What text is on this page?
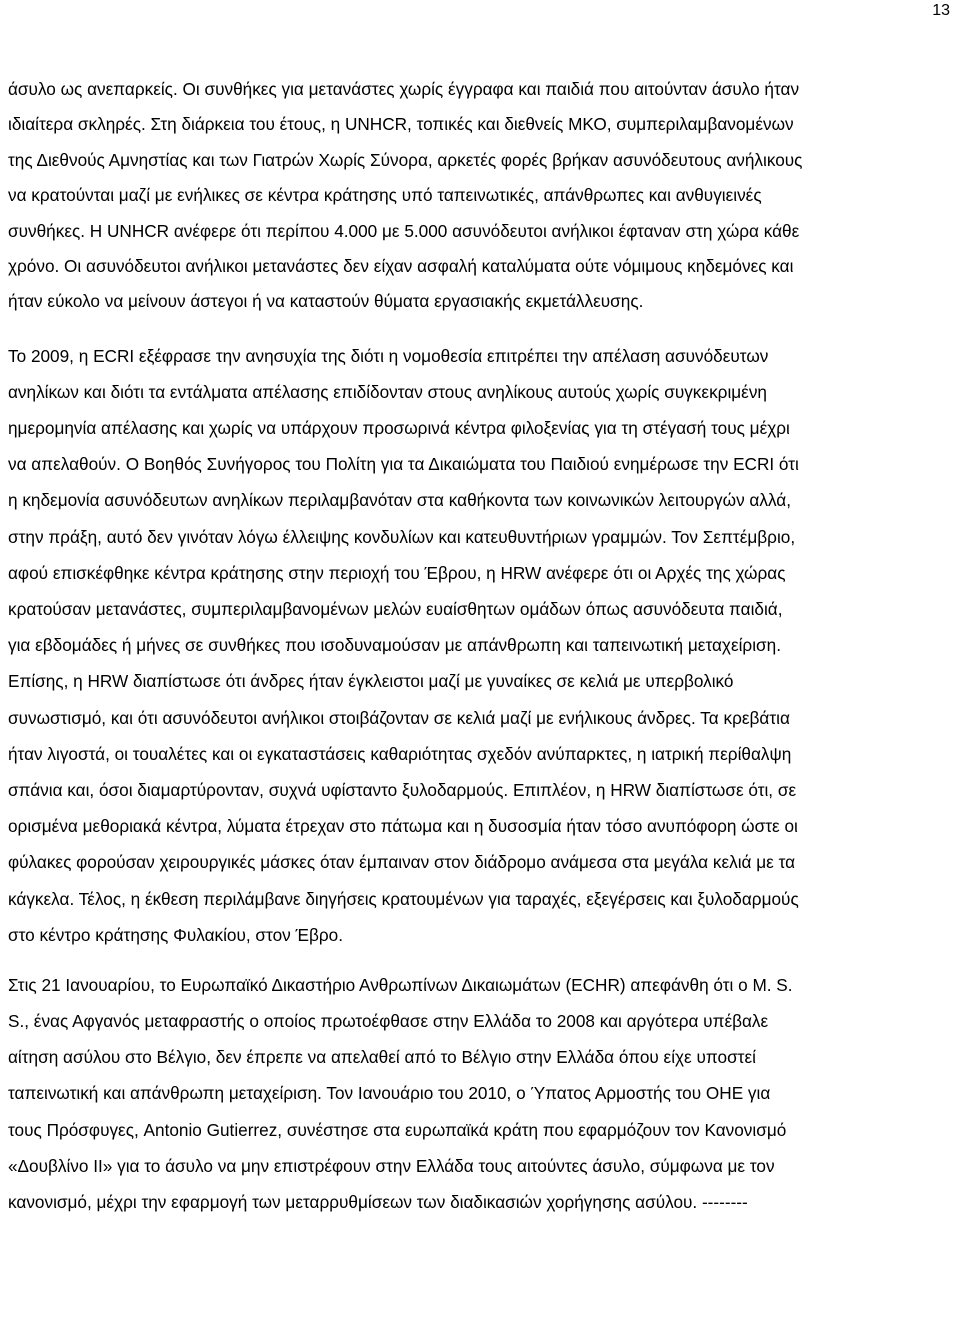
13
άσυλο ως ανεπαρκείς. Οι συνθήκες για μετανάστες χωρίς έγγραφα και παιδιά που αιτούνταν άσυλο ήταν
ιδιαίτερα σκληρές. Στη διάρκεια του έτους, η UNHCR, τοπικές και διεθνείς ΜΚΟ, συμπεριλαμβανομένων
της Διεθνούς Αμνηστίας και των Γιατρών Χωρίς Σύνορα, αρκετές φορές βρήκαν ασυνόδευτους ανήλικους
να κρατούνται μαζί με ενήλικες σε κέντρα κράτησης υπό ταπεινωτικές, απάνθρωπες και ανθυγιεινές
συνθήκες. Η UNHCR ανέφερε ότι περίπου 4.000 με 5.000 ασυνόδευτοι ανήλικοι έφταναν στη χώρα κάθε
χρόνο. Οι ασυνόδευτοι ανήλικοι μετανάστες δεν είχαν ασφαλή καταλύματα ούτε νόμιμους κηδεμόνες και
ήταν εύκολο να μείνουν άστεγοι ή να καταστούν θύματα εργασιακής εκμετάλλευσης.
Το 2009, η ECRI εξέφρασε την ανησυχία της διότι η νομοθεσία επιτρέπει την απέλαση ασυνόδευτων
ανηλίκων και διότι τα εντάλματα απέλασης επιδίδονταν στους ανηλίκους αυτούς χωρίς συγκεκριμένη
ημερομηνία απέλασης και χωρίς να υπάρχουν προσωρινά κέντρα φιλοξενίας για τη στέγασή τους μέχρι
να απελαθούν. Ο Βοηθός Συνήγορος του Πολίτη για τα Δικαιώματα του Παιδιού ενημέρωσε την ECRI ότι
η κηδεμονία ασυνόδευτων ανηλίκων περιλαμβανόταν στα καθήκοντα των κοινωνικών λειτουργών αλλά,
στην πράξη, αυτό δεν γινόταν λόγω έλλειψης κονδυλίων και κατευθυντήριων γραμμών. Τον Σεπτέμβριο,
αφού επισκέφθηκε κέντρα κράτησης στην περιοχή του Έβρου, η HRW ανέφερε ότι οι Αρχές της χώρας
κρατούσαν μετανάστες, συμπεριλαμβανομένων μελών ευαίσθητων ομάδων όπως ασυνόδευτα παιδιά,
για εβδομάδες ή μήνες σε συνθήκες που ισοδυναμούσαν με απάνθρωπη και ταπεινωτική μεταχείριση.
Επίσης, η HRW διαπίστωσε ότι άνδρες ήταν έγκλειστοι μαζί με γυναίκες σε κελιά με υπερβολικό
συνωστισμό, και ότι ασυνόδευτοι ανήλικοι στοιβάζονταν σε κελιά μαζί με ενήλικους άνδρες. Τα κρεβάτια
ήταν λιγοστά, οι τουαλέτες και οι εγκαταστάσεις καθαριότητας σχεδόν ανύπαρκτες, η ιατρική περίθαλψη
σπάνια και, όσοι διαμαρτύρονταν, συχνά υφίσταντο ξυλοδαρμούς. Επιπλέον, η HRW διαπίστωσε ότι, σε
ορισμένα μεθοριακά κέντρα, λύματα έτρεχαν στο πάτωμα και η δυσοσμία ήταν τόσο ανυπόφορη ώστε οι
φύλακες φορούσαν χειρουργικές μάσκες όταν έμπαιναν στον διάδρομο ανάμεσα στα μεγάλα κελιά με τα
κάγκελα. Τέλος, η έκθεση περιλάμβανε διηγήσεις κρατουμένων για ταραχές, εξεγέρσεις και ξυλοδαρμούς
στο κέντρο κράτησης Φυλακίου, στον Έβρο.
Στις 21 Ιανουαρίου, το Ευρωπαϊκό Δικαστήριο Ανθρωπίνων Δικαιωμάτων (ECHR) απεφάνθη ότι ο Μ. S.
S., ένας Αφγανός μεταφραστής ο οποίος πρωτοέφθασε στην Ελλάδα το 2008 και αργότερα υπέβαλε
αίτηση ασύλου στο Βέλγιο, δεν έπρεπε να απελαθεί από το Βέλγιο στην Ελλάδα όπου είχε υποστεί
ταπεινωτική και απάνθρωπη μεταχείριση. Τον Ιανουάριο του 2010, ο Ύπατος Αρμοστής του ΟΗΕ για
τους Πρόσφυγες, Antonio Gutierrez, συνέστησε στα ευρωπαϊκά κράτη που εφαρμόζουν τον Κανονισμό
«Δουβλίνο ΙΙ» για το άσυλο να μην επιστρέφουν στην Ελλάδα τους αιτούντες άσυλο, σύμφωνα με τον
κανονισμό, μέχρι την εφαρμογή των μεταρρυθμίσεων των διαδικασιών χορήγησης ασύλου. --------
